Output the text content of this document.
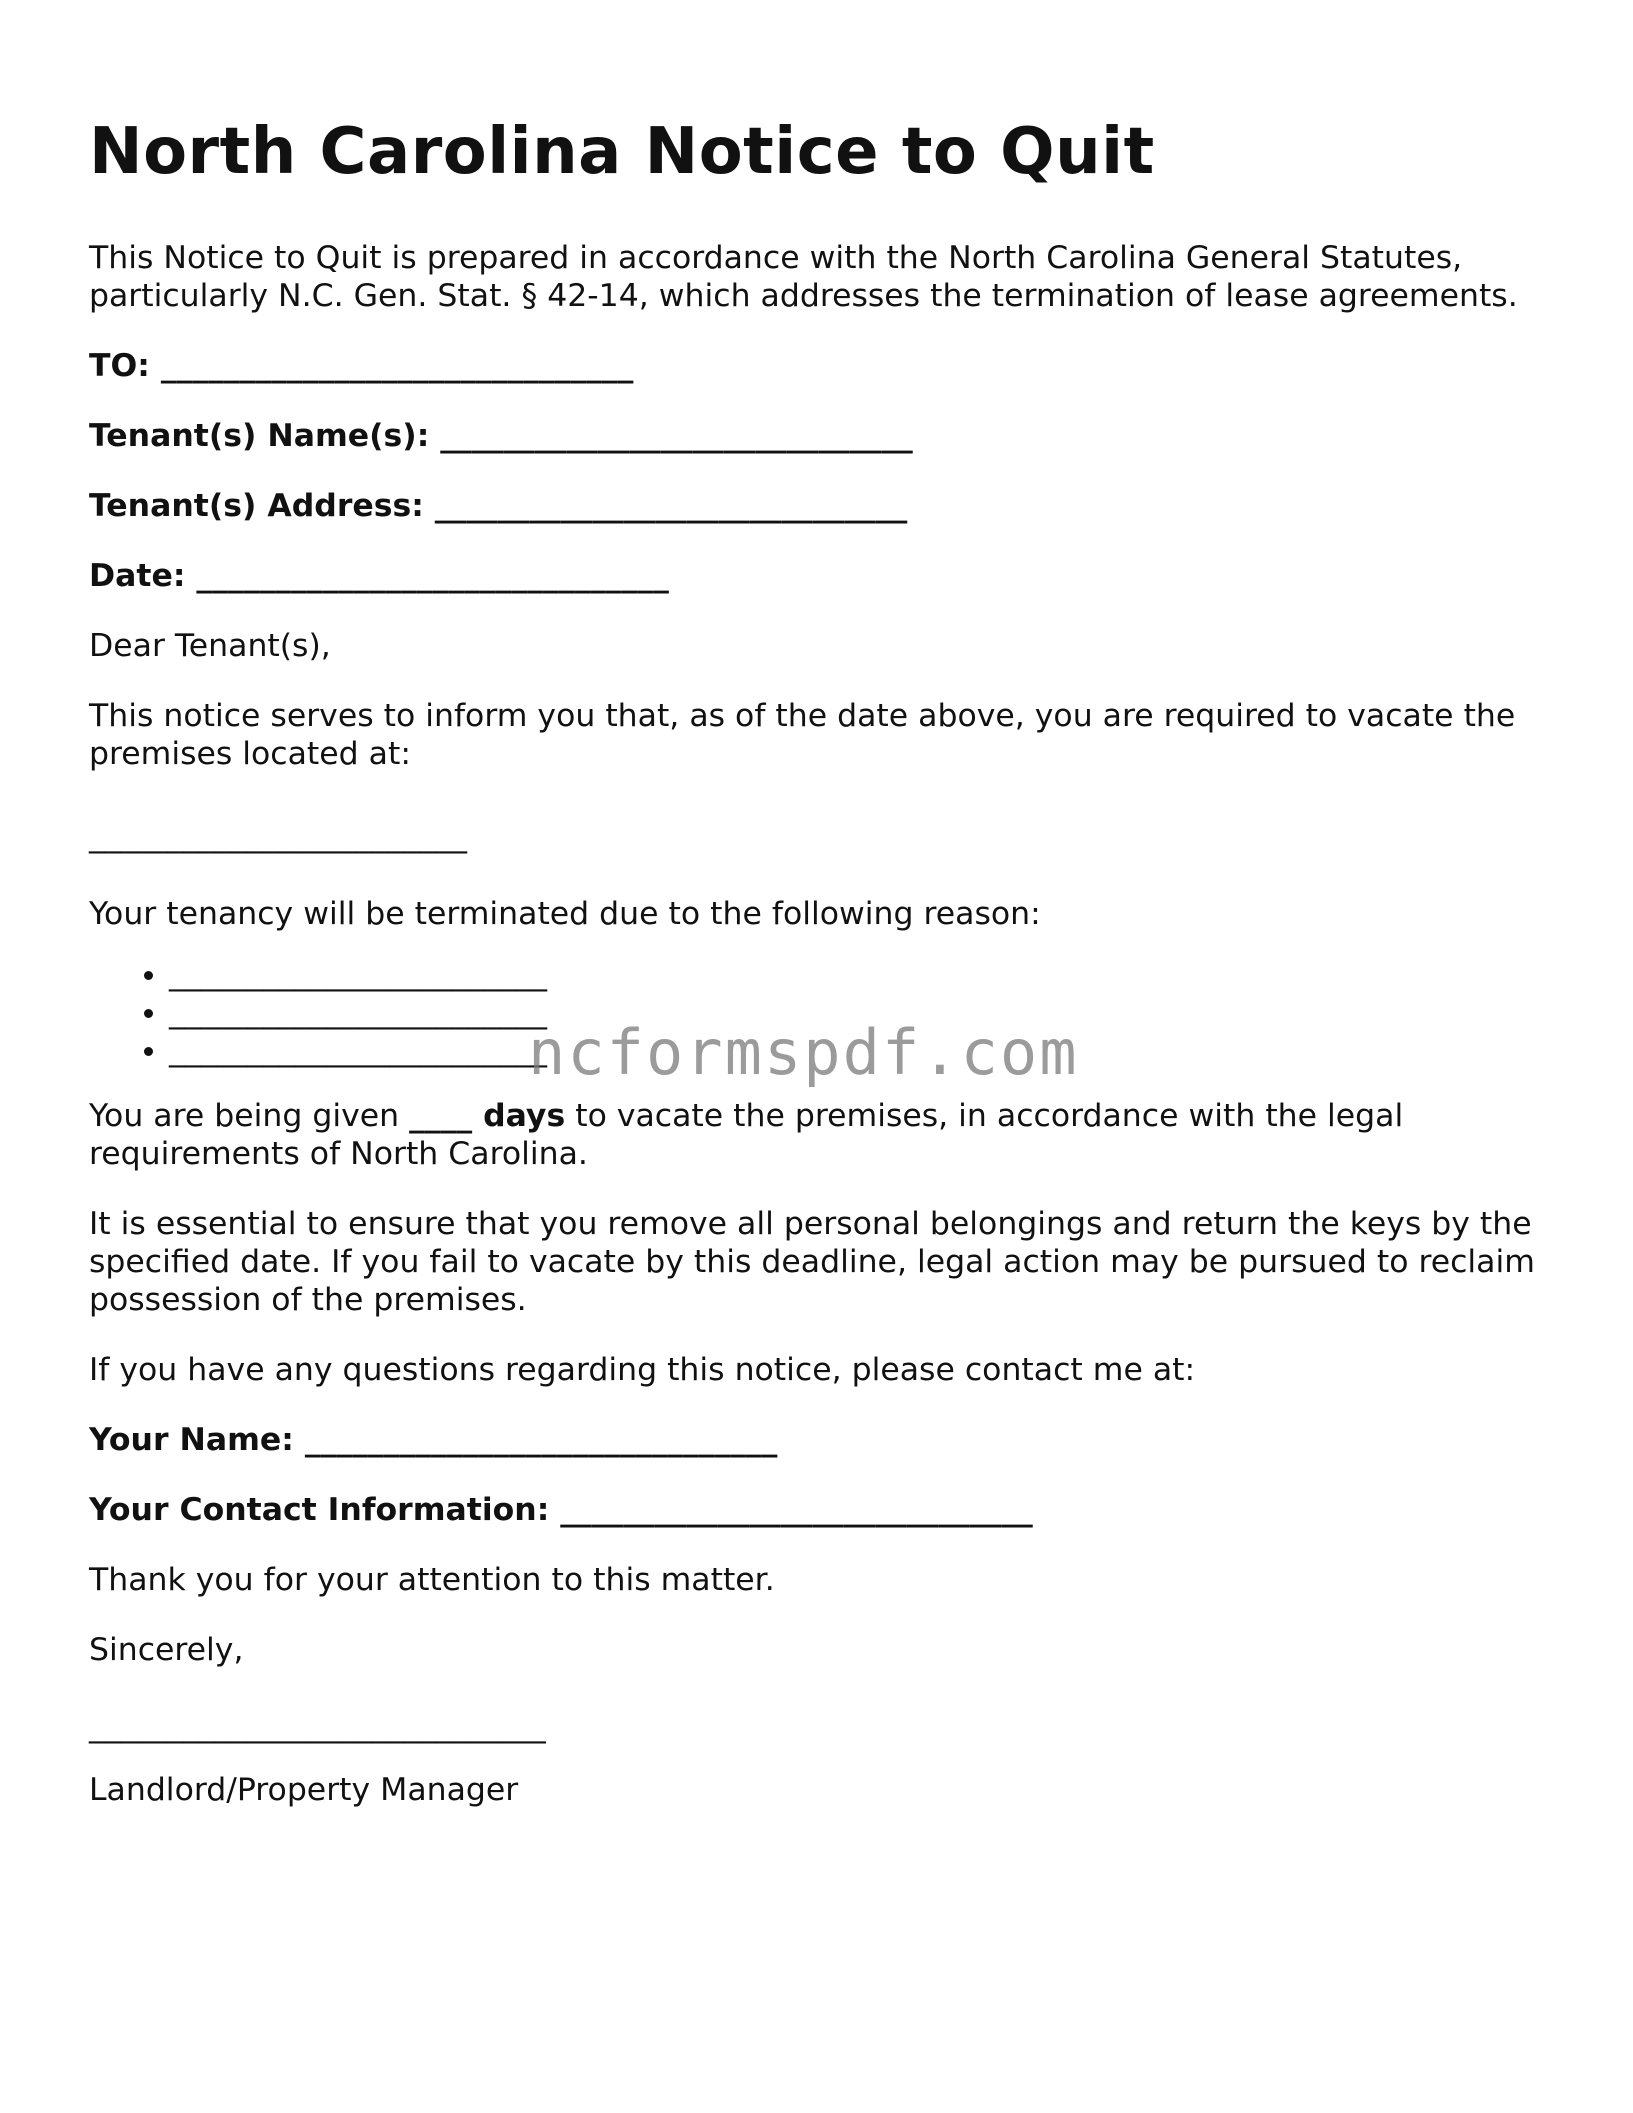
North Carolina Notice to Quit

This Notice to Quit is prepared in accordance with the North Carolina General Statutes, particularly N.C. Gen. Stat. § 42-14, which addresses the termination of lease agreements.

TO: ______________________________
Tenant(s) Name(s): ______________________________
Tenant(s) Address: ______________________________
Date: ______________________________

Dear Tenant(s),

This notice serves to inform you that, as of the date above, you are required to vacate the premises located at:

________________________

Your tenancy will be terminated due to the following reason:

• ________________________
• ________________________
• ________________________

You are being given ____ days to vacate the premises, in accordance with the legal requirements of North Carolina.

It is essential to ensure that you remove all personal belongings and return the keys by the specified date. If you fail to vacate by this deadline, legal action may be pursued to reclaim possession of the premises.

If you have any questions regarding this notice, please contact me at:

Your Name: ______________________________
Your Contact Information: ______________________________

Thank you for your attention to this matter.

Sincerely,

_____________________________

Landlord/Property Manager

ncformspdf.com
